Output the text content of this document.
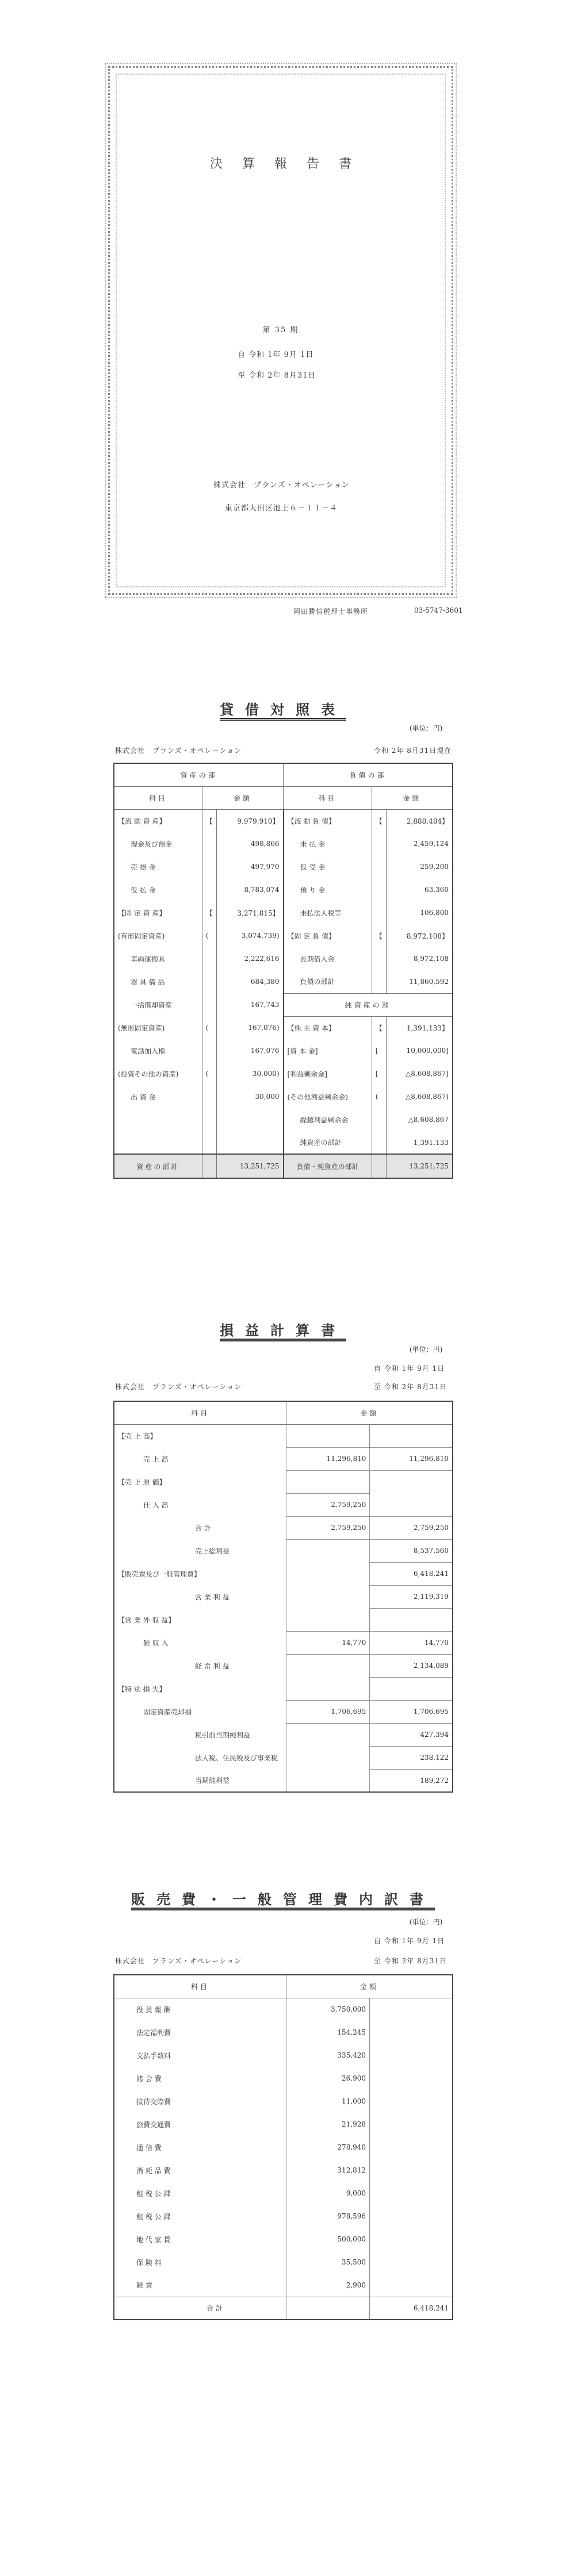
決算報告書
第 35 期
自 令和 1年 9月 1日
至 令和 2年 8月31日
株式会社　プランズ・オペレーション
東京都大田区池上６－１１－４
岡田勝信税理士事務所	03-5747-3601
貸借対照表
(単位：円)
株式会社　プランズ・オペレーション	令和 2年 8月31日現在
資産の部			負債の部		
科目	金額		科目	金額	
【流 動 資 産】	【	9,979,910】	【流 動 負 債】	【	2,888,484】
現金及び預金		498,866	未 払 金		2,459,124
売 掛 金		497,970	仮 受 金		259,200
仮 払 金		8,783,074	預 り 金		63,360
【固 定 資 産】	【	3,271,815】	未払法人税等		106,800
(有形固定資産)	(	3,074,739)	【固 定 負 債】	【	8,972,108】
車両運搬具		2,222,616	長期借入金		8,972,108
器 具 備 品		684,380	負債の部計		11,860,592
一括償却資産		167,743	純資産の部		
(無形固定資産)	(	167,076)	【株 主 資 本】	【	1,391,133】
電話加入権		167,076	[資 本 金]	[	10,000,000]
(投資その他の資産)	(	30,000)	[利益剰余金]	[	△8,608,867]
出 資 金		30,000	(その他利益剰余金)	(	△8,608,867)
			繰越利益剰余金		△8,608,867
			純資産の部計		1,391,133
資産の部計		13,251,725	負債・純資産の部計		13,251,725
損益計算書
(単位：円)
自 令和 1年 9月 1日
株式会社　プランズ・オペレーション	至 令和 2年 8月31日
科目	金額	
【売 上 高】		
売 上 高	11,296,810	11,296,810
【売 上 原 価】		
仕 入 高	2,759,250	
合 計	2,759,250	2,759,250
売上総利益		8,537,560
【販売費及び一般管理費】		6,418,241
営 業 利 益		2,119,319
【営 業 外 収 益】		
雑 収 入	14,770	14,770
経 常 利 益		2,134,089
【特 別 損 失】		
固定資産売却損	1,706,695	1,706,695
税引前当期純利益		427,394
法人税、住民税及び事業税		238,122
当期純利益		189,272
販売費・一般管理費内訳書
(単位：円)
自 令和 1年 9月 1日
株式会社　プランズ・オペレーション	至 令和 2年 8月31日
科目	金額	
役 員 報 酬	3,750,000	
法定福利費	154,245	
支払手数料	335,420	
諸 会 費	26,900	
接待交際費	11,000	
旅費交通費	21,928	
通 信 費	278,940	
消 耗 品 費	312,812	
租 税 公 課	9,000	
租 税 公 課	978,596	
地 代 家 賃	500,000	
保 険 料	35,500	
雑 費	2,900	
合 計		6,418,241
